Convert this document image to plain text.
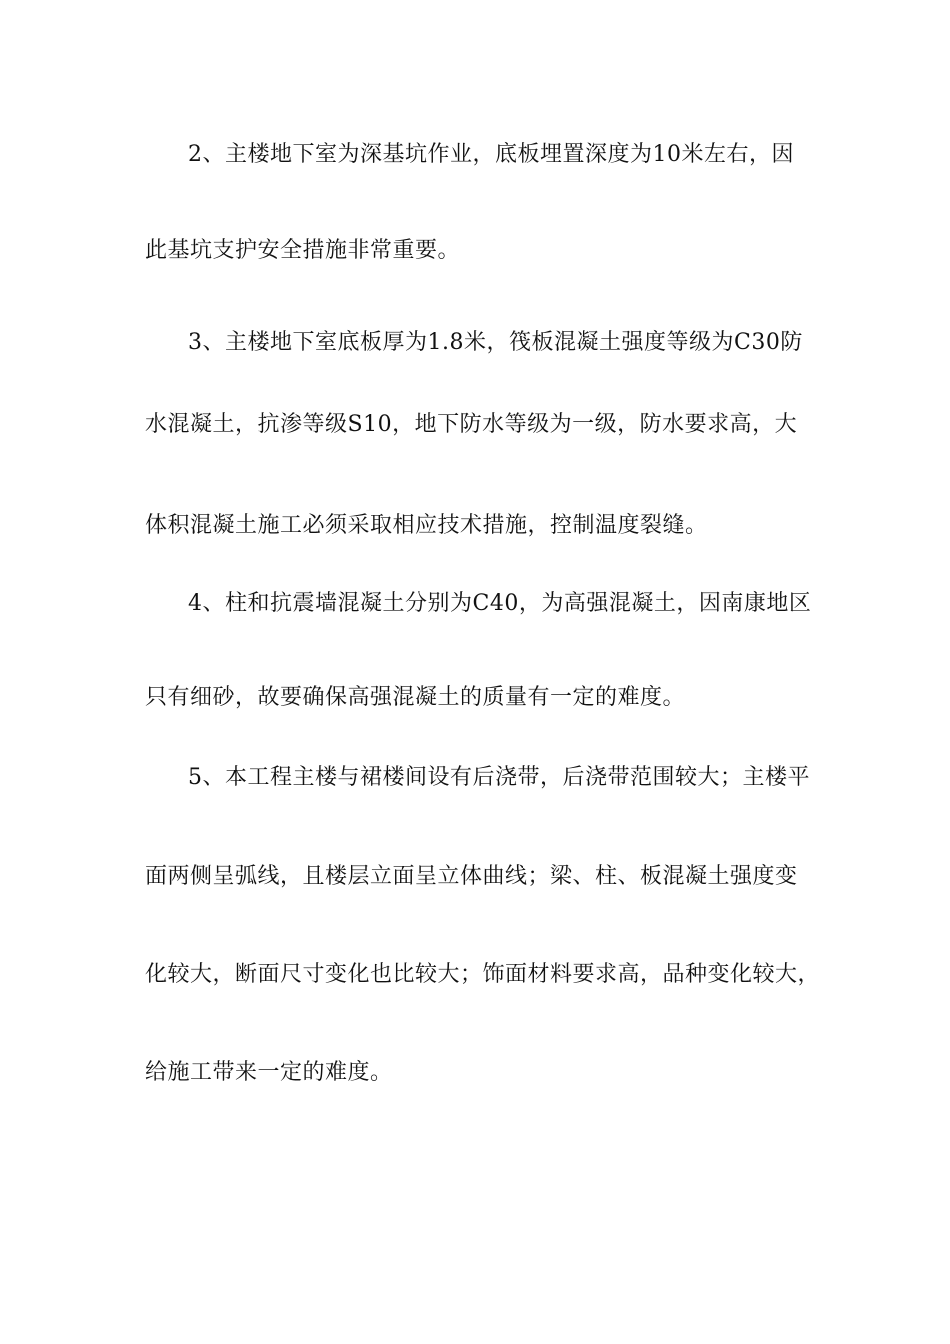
2、主楼地下室为深基坑作业，底板埋置深度为10米左右，因
此基坑支护安全措施非常重要。
3、主楼地下室底板厚为1.8米，筏板混凝土强度等级为C30防
水混凝土，抗渗等级S10，地下防水等级为一级，防水要求高，大
体积混凝土施工必须采取相应技术措施，控制温度裂缝。
4、柱和抗震墙混凝土分别为C40，为高强混凝土，因南康地区
只有细砂，故要确保高强混凝土的质量有一定的难度。
5、本工程主楼与裙楼间设有后浇带，后浇带范围较大；主楼平
面两侧呈弧线，且楼层立面呈立体曲线；梁、柱、板混凝土强度变
化较大，断面尺寸变化也比较大；饰面材料要求高，品种变化较大，
给施工带来一定的难度。
